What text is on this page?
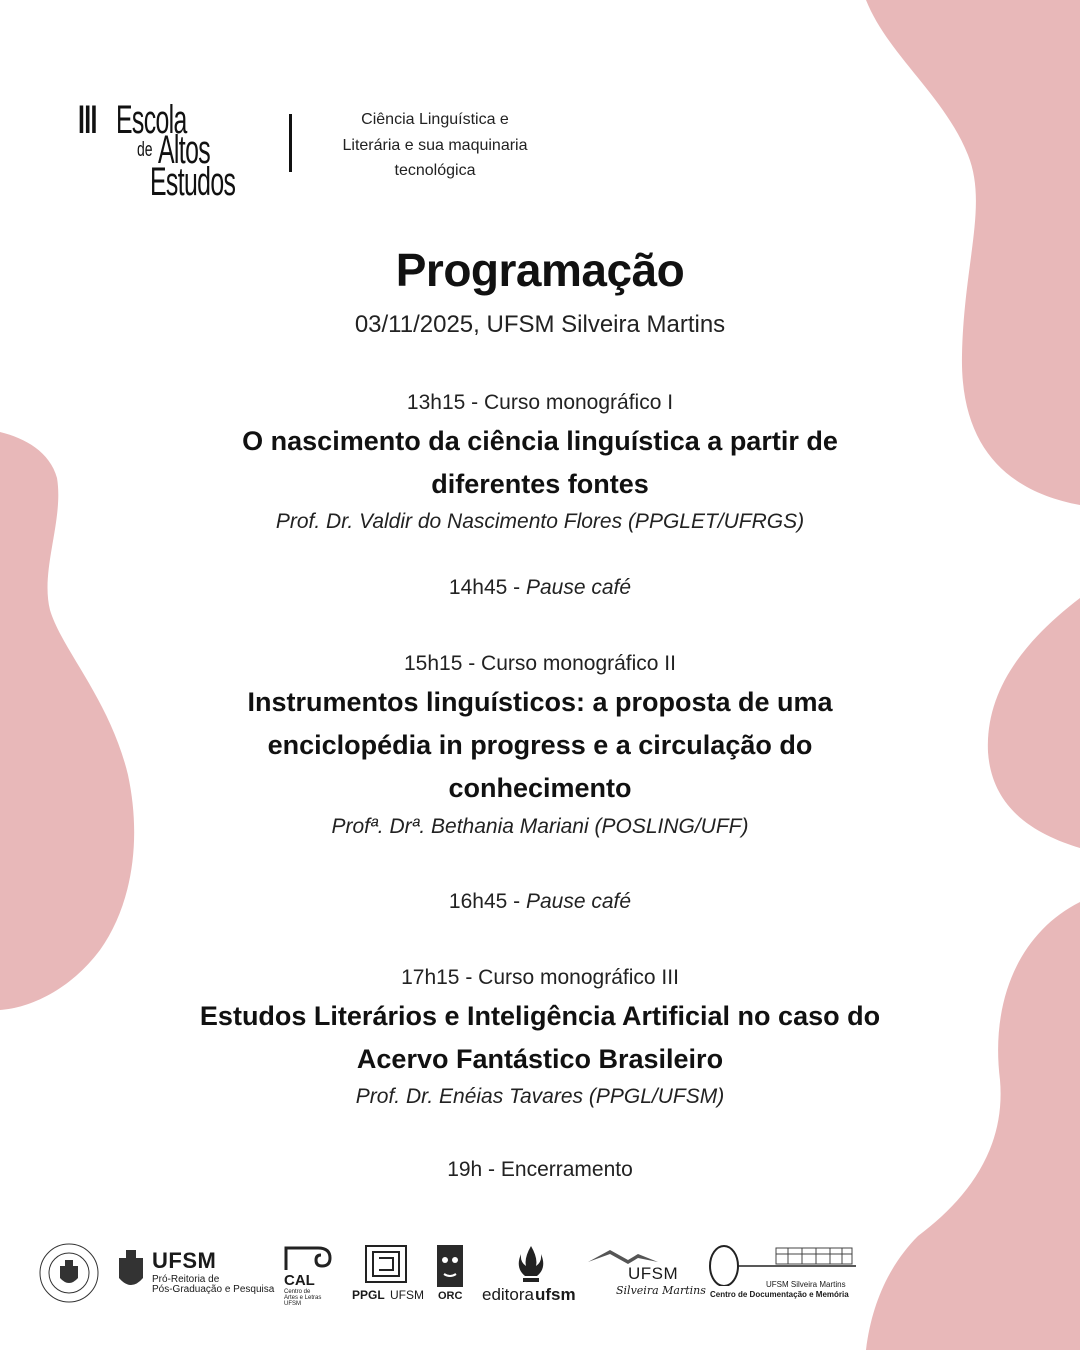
III Escola
de Altos
Estudos
Ciência Linguística e
Literária e sua maquinaria
tecnológica
Programação
03/11/2025, UFSM Silveira Martins
13h15 - Curso monográfico I
O nascimento da ciência linguística a partir de
diferentes fontes
Prof. Dr. Valdir do Nascimento Flores (PPGLET/UFRGS)
14h45 - Pause café
15h15 - Curso monográfico II
Instrumentos linguísticos: a proposta de uma
enciclopédia in progress e a circulação do
conhecimento
Profª. Drª. Bethania Mariani (POSLING/UFF)
16h45 - Pause café
17h15 - Curso monográfico III
Estudos Literários e Inteligência Artificial no caso do
Acervo Fantástico Brasileiro
Prof. Dr. Enéias Tavares (PPGL/UFSM)
19h - Encerramento
UFSM
Pró-Reitoria de
Pós-Graduação e Pesquisa
CAL
Centro de
Artes e Letras
UFSM
PPGL UFSM ORC editora ufsm
UFSM
Silveira Martins	UFSM Silveira Martins
Centro de Documentação e Memória
